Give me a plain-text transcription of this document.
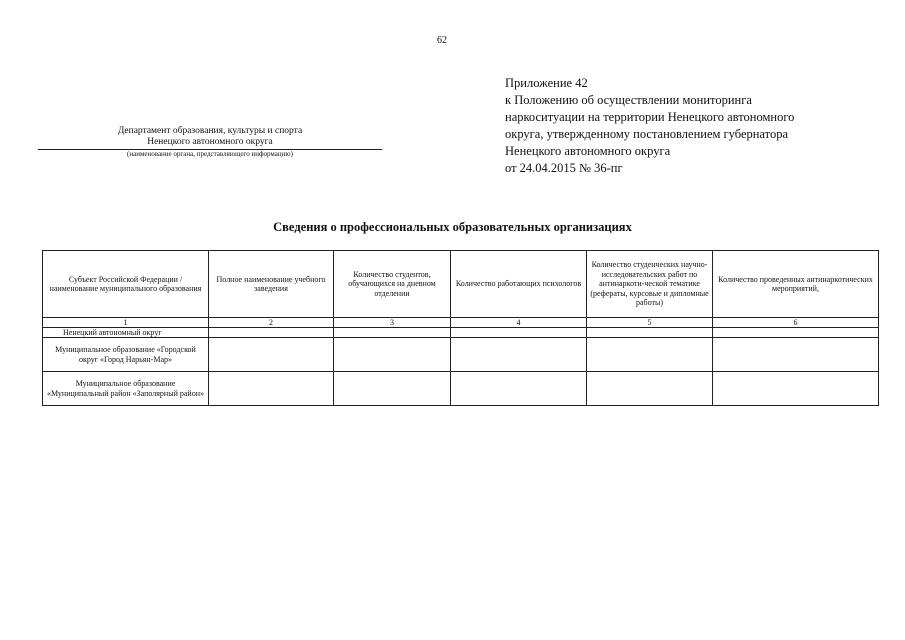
62
Приложение 42
к Положению об осуществлении мониторинга
наркоситуации на территории Ненецкого автономного
округа, утвержденному постановлением губернатора
Ненецкого автономного округа
от 24.04.2015 № 36-пг
Департамент образования, культуры и спорта
Ненецкого автономного округа
(наименование органа, представляющего информацию)
Сведения о профессиональных образовательных организациях
Субъект Российской Федерации /наименование муниципального образования	Полное наименование учебного заведения	Количество студентов, обучающихся на дневном отделении	Количество работающих психологов	Количество студенческих научно-исследовательских работ по антинаркоти-ческой тематике (рефераты, курсовые и дипломные работы)	Количество проведенных антинаркотических мероприятий,
1	2	3	4	5	6
Ненецкий автономный округ					
Муниципальное образование «Городской округ «Город Нарьян-Мар»					
Муниципальное образование «Муниципальный район «Заполярный район»					
